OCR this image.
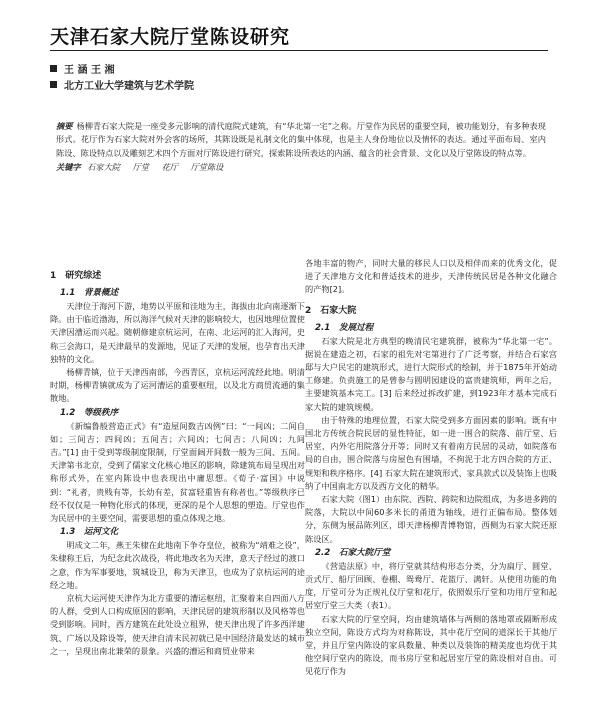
天津石家大院厅堂陈设研究
王 涵 王 湘
北方工业大学建筑与艺术学院
摘要 杨柳青石家大院是一座受多元影响的清代庭院式建筑，有“华北第一宅”之称。厅堂作为民居的重要空间，被功能划分，有多种表现形式。花厅作为石家大院对外会客的场所，其陈设既是礼制文化的集中体现，也是主人身份地位以及情怀的表达。通过平面布局、室内陈设、陈设特点以及雕刻艺术四个方面对厅陈设进行研究，探索陈设所表达的内涵、蕴含的社会背景、文化以及厅堂陈设的特点等。
关键字 石家大院 厅堂 花厅 厅堂陈设
1　研究综述
1.1　背景概述

天津位于海河下游，地势以平原和洼地为主，海拔由北向南逐渐下降。由于临近渤海，所以海洋气候对天津的影响较大，也因地理位置使天津因漕运而兴起。随朝修建京杭运河，在南、北运河的汇入海河，史称三会海口，是天津最早的发源地，见证了天津的发展，也孕育出天津独特的文化。

杨柳青镇，位于天津西南部，今西青区，京杭运河流经此地。明清时期，杨柳青镇就成为了运河漕运的重要枢纽，以及北方商贸流通的集散地。

1.2　等级秩序

《新编鲁般营造正式》有“造屋间数吉凶例”曰：“一间凶；二间自如；三间吉；四间凶；五间吉；六间凶；七间吉；八间凶；九间吉。”[1] 由于受到等级制度限制，厅堂面阔开间数一般为三间、五间。天津第书北京，受到了儒家文化核心地区的影响，除建筑布局呈现出对称形式外，在室内陈设中也表现出中庸思想。《荀子·富国》中说到：“礼者，贵贱有等，长幼有差，贫富轻重皆有称者也。”等级秩序已经不仅仅是一种物化形式的体现，更深的是个人思想的塑造。厅堂也作为民居中的主要空间，需要思想的重点体现之地。

1.3　运河文化

明成文二年，燕王朱棣在此地南下争夺皇位，被称为“靖难之役”，朱棣称王后，为纪念此次战役，将此地改名为天津，意天子经过的渡口之意，作为军事要地，筑城设卫，称为天津卫，也成为了京杭运河的途经之地。

京杭大运河使天津作为北方重要的漕运枢纽，汇聚着来自四面八方的人群，受到人口构成原因的影响，天津民居的建筑形制以及风格等也受到影响。同时，西方建筑在此处设立租界，使天津出现了许多西洋建筑、广场以及除设等，使天津自清末民初就已是中国经济最发达的城市之一，呈现出南北兼荣的景象。兴盛的漕运和商贸业带来

各地丰富的物产，同时大量的移民人口以及相伴而来的优秀文化，促进了天津地方文化和普适技术的进步，天津传统民居是各种文化融合的产物[2]。

2　石家大院
2.1　发展过程

石家大院是北方典型的晚清民宅建筑群，被称为“华北第一宅”。据说在建造之初，石家的祖先对宅第进行了广泛考察，并结合石家宫邸与大户民宅的建筑形式，进行大院形式的绘制，并于1875年开始动工修建。负责施工的是曾参与圆明园建设的富贵建筑师，两年之后，主要建筑基本完工。[3] 后来经过拆改扩建，到1923年才基本完成石家大院的建筑规模。

由于特殊的地理位置，石家大院受到多方面因素的影响。既有中国北方传统合院民居的显性特征，如一进一围合的院落、前厅堂、后居室，内外宅用院落分开等；同时又有着南方民居的灵动，如院落布局的自由，围合院落与房屋色有围墙，不拘泥于北方四合院的方正、规矩和秩序格序。[4] 石家大院在建筑形式、家具款式以及装饰上也吸纳了中国南北方以及西方文化的精华。

石家大院（图1）由东院、西院、跨院和边院组成，为多进多跨的院落，大院以中间60多米长的甬道为轴线，进行正偏布局。整体划分，东侧为展品陈列区，即天津杨柳青博物馆，西侧为石家大院还原陈设区。

2.2　石家大院厅堂

《营造法原》中，将厅堂就其结构形态分类，分为扁厅、圆堂、贡式厅、船厅回顾、卷棚、鸳鸯厅、花篮厅、满轩。从使用功能的角度，厅堂可分为正规礼仪厅堂和花厅，依照娱乐厅堂和功用厅堂和起居室厅堂三大类（表1）。

石家大院的厅堂空间，均由建筑墙体与两侧的落地罩或隔断形成独立空间，陈设方式均为对称陈设，其中花厅空间的道深长于其他厅堂，并且厅堂内陈设的家具数量、种类以及装饰的精美度也均优于其他空间厅堂内的陈设，而书房厅堂和起居室厅堂的陈设相对自由。可见花厅作为
